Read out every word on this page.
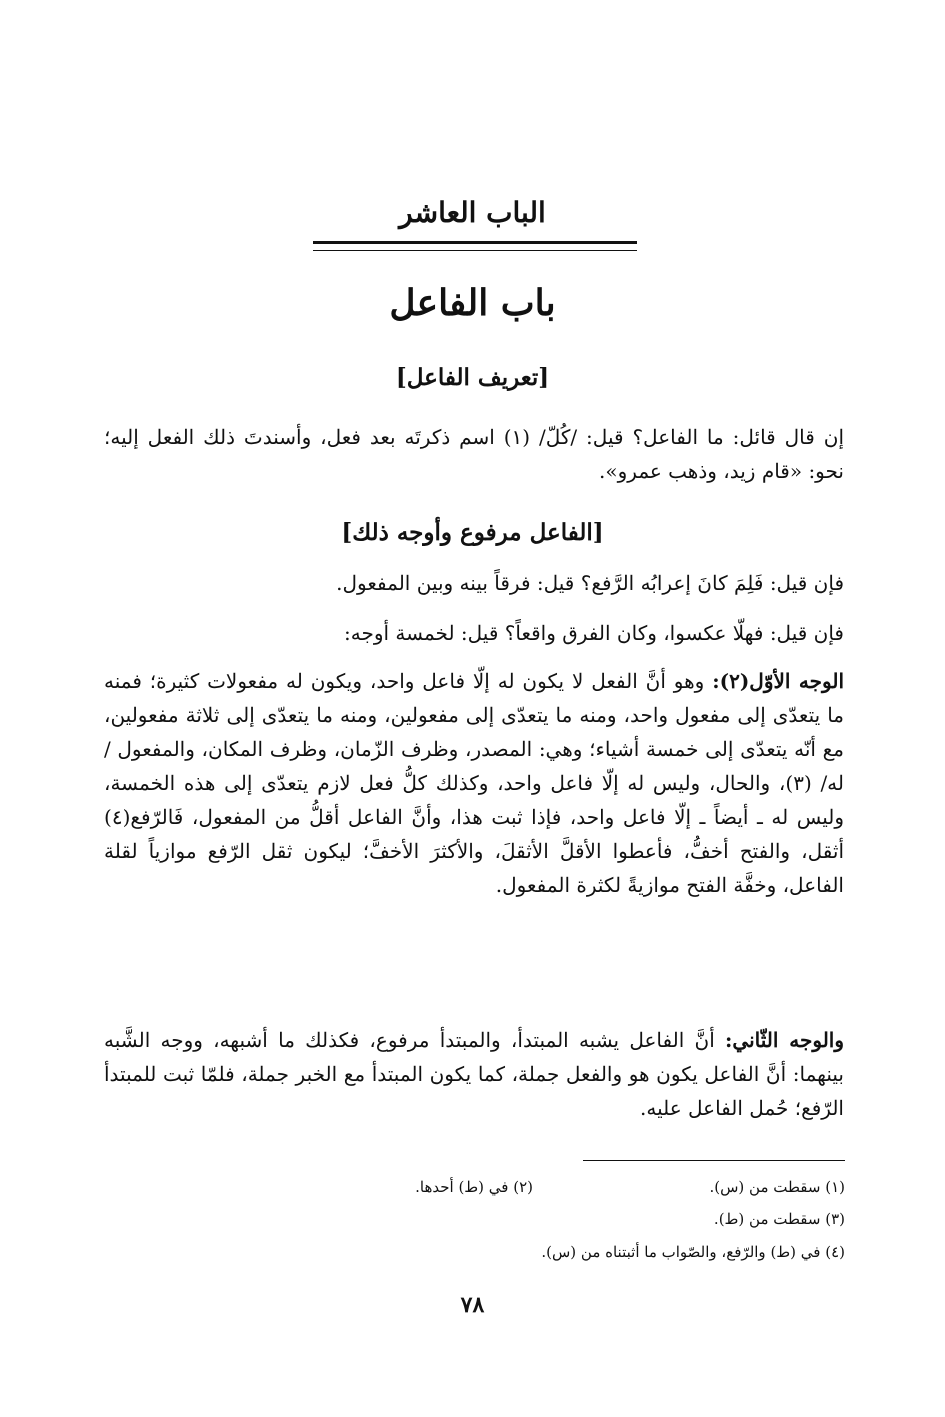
الباب العاشر
باب الفاعل
[تعريف الفاعل]
إن قال قائل: ما الفاعل؟ قيل: /كُلّ/ (١) اسم ذكرتَه بعد فعل، وأسندتَ ذلك الفعل إليه؛ نحو: «قام زيد، وذهب عمرو».
[الفاعل مرفوع وأوجه ذلك]
فإن قيل: فَلِمَ كانَ إعرابُه الرَّفع؟ قيل: فرقاً بينه وبين المفعول.
فإن قيل: فهلّا عكسوا، وكان الفرق واقعاً؟ قيل: لخمسة أوجه:
الوجه الأوّل(٢): وهو أنَّ الفعل لا يكون له إلّا فاعل واحد، ويكون له مفعولات كثيرة؛ فمنه ما يتعدّى إلى مفعول واحد، ومنه ما يتعدّى إلى مفعولين، ومنه ما يتعدّى إلى ثلاثة مفعولين، مع أنّه يتعدّى إلى خمسة أشياء؛ وهي: المصدر، وظرف الزّمان، وظرف المكان، والمفعول / له/ (٣)، والحال، وليس له إلّا فاعل واحد، وكذلك كلُّ فعل لازم يتعدّى إلى هذه الخمسة، وليس له ـ أيضاً ـ إلّا فاعل واحد، فإذا ثبت هذا، وأنَّ الفاعل أقلُّ من المفعول، فَالرّفع(٤) أثقل، والفتح أخفُّ، فأعطوا الأقلَّ الأثقلَ، والأكثرَ الأخفَّ؛ ليكون ثقل الرّفع موازياً لقلة الفاعل، وخفَّة الفتح موازيةً لكثرة المفعول.
والوجه الثّاني: أنَّ الفاعل يشبه المبتدأ، والمبتدأ مرفوع، فكذلك ما أشبهه، ووجه الشَّبه بينهما: أنَّ الفاعل يكون هو والفعل جملة، كما يكون المبتدأ مع الخبر جملة، فلمّا ثبت للمبتدأ الرّفع؛ حُمل الفاعل عليه.
(١) سقطت من (س).
(٢) في (ط) أحدها.
(٣) سقطت من (ط).
(٤) في (ط) والرّفع، والصّواب ما أثبتناه من (س).
٧٨
